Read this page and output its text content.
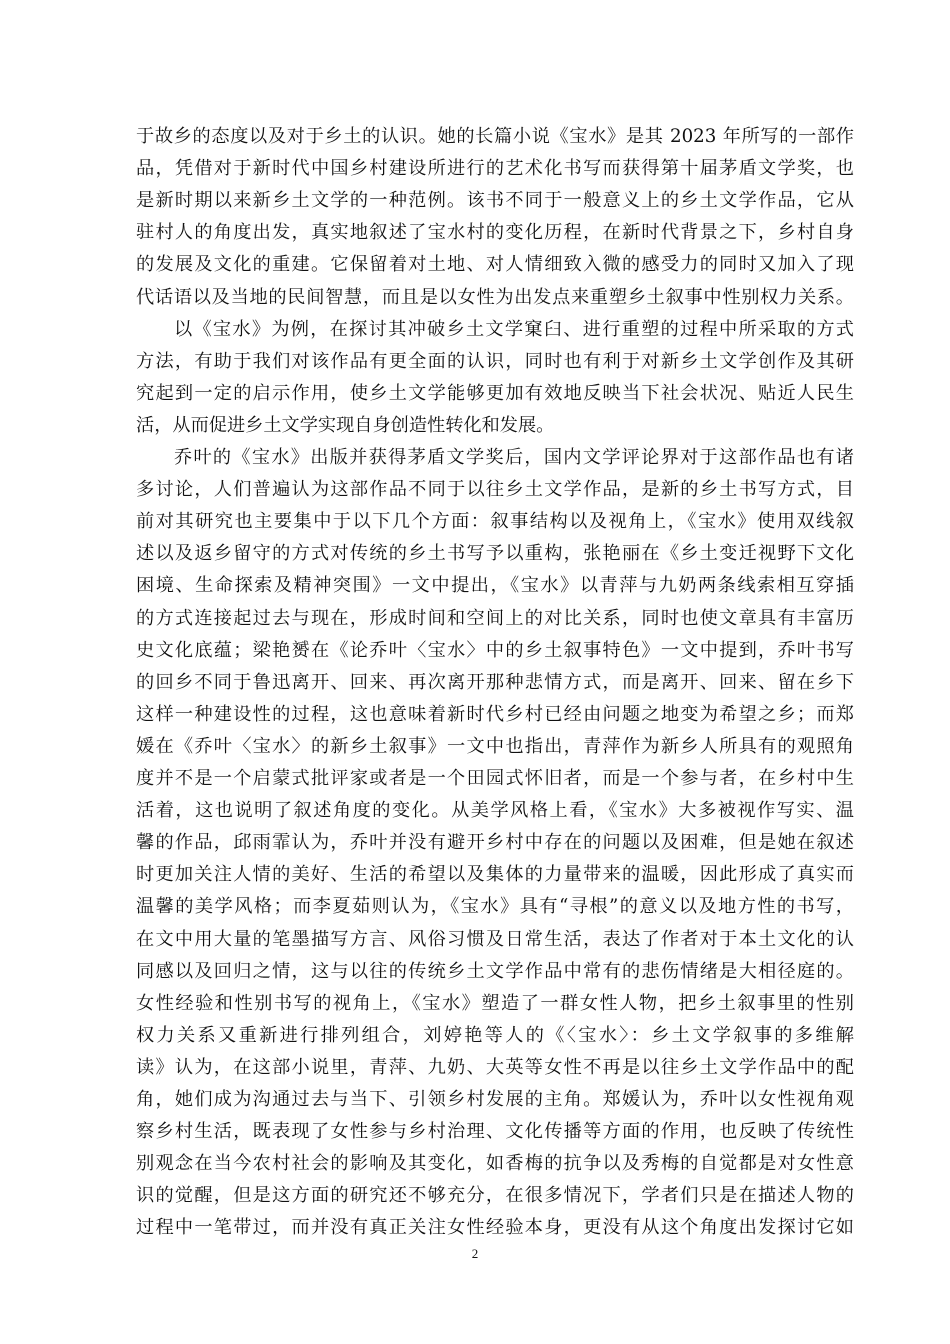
于故乡的态度以及对于乡土的认识。她的长篇小说《宝水》是其 2023 年所写的一部作
品，凭借对于新时代中国乡村建设所进行的艺术化书写而获得第十届茅盾文学奖，也
是新时期以来新乡土文学的一种范例。该书不同于一般意义上的乡土文学作品，它从
驻村人的角度出发，真实地叙述了宝水村的变化历程，在新时代背景之下，乡村自身
的发展及文化的重建。它保留着对土地、对人情细致入微的感受力的同时又加入了现
代话语以及当地的民间智慧，而且是以女性为出发点来重塑乡土叙事中性别权力关系。
以《宝水》为例，在探讨其冲破乡土文学窠臼、进行重塑的过程中所采取的方式
方法，有助于我们对该作品有更全面的认识，同时也有利于对新乡土文学创作及其研
究起到一定的启示作用，使乡土文学能够更加有效地反映当下社会状况、贴近人民生
活，从而促进乡土文学实现自身创造性转化和发展。
乔叶的《宝水》出版并获得茅盾文学奖后，国内文学评论界对于这部作品也有诸
多讨论，人们普遍认为这部作品不同于以往乡土文学作品，是新的乡土书写方式，目
前对其研究也主要集中于以下几个方面：叙事结构以及视角上，《宝水》使用双线叙
述以及返乡留守的方式对传统的乡土书写予以重构，张艳丽在《乡土变迁视野下文化
困境、生命探索及精神突围》一文中提出，《宝水》以青萍与九奶两条线索相互穿插
的方式连接起过去与现在，形成时间和空间上的对比关系，同时也使文章具有丰富历
史文化底蕴；梁艳赟在《论乔叶〈宝水〉中的乡土叙事特色》一文中提到，乔叶书写
的回乡不同于鲁迅离开、回来、再次离开那种悲情方式，而是离开、回来、留在乡下
这样一种建设性的过程，这也意味着新时代乡村已经由问题之地变为希望之乡；而郑
媛在《乔叶〈宝水〉的新乡土叙事》一文中也指出，青萍作为新乡人所具有的观照角
度并不是一个启蒙式批评家或者是一个田园式怀旧者，而是一个参与者，在乡村中生
活着，这也说明了叙述角度的变化。从美学风格上看，《宝水》大多被视作写实、温
馨的作品，邱雨霏认为，乔叶并没有避开乡村中存在的问题以及困难，但是她在叙述
时更加关注人情的美好、生活的希望以及集体的力量带来的温暖，因此形成了真实而
温馨的美学风格；而李夏茹则认为，《宝水》具有“寻根”的意义以及地方性的书写，
在文中用大量的笔墨描写方言、风俗习惯及日常生活，表达了作者对于本土文化的认
同感以及回归之情，这与以往的传统乡土文学作品中常有的悲伤情绪是大相径庭的。
女性经验和性别书写的视角上，《宝水》塑造了一群女性人物，把乡土叙事里的性别
权力关系又重新进行排列组合，刘婷艳等人的《〈宝水〉：乡土文学叙事的多维解
读》认为，在这部小说里，青萍、九奶、大英等女性不再是以往乡土文学作品中的配
角，她们成为沟通过去与当下、引领乡村发展的主角。郑媛认为，乔叶以女性视角观
察乡村生活，既表现了女性参与乡村治理、文化传播等方面的作用，也反映了传统性
别观念在当今农村社会的影响及其变化，如香梅的抗争以及秀梅的自觉都是对女性意
识的觉醒，但是这方面的研究还不够充分，在很多情况下，学者们只是在描述人物的
过程中一笔带过，而并没有真正关注女性经验本身，更没有从这个角度出发探讨它如
2
